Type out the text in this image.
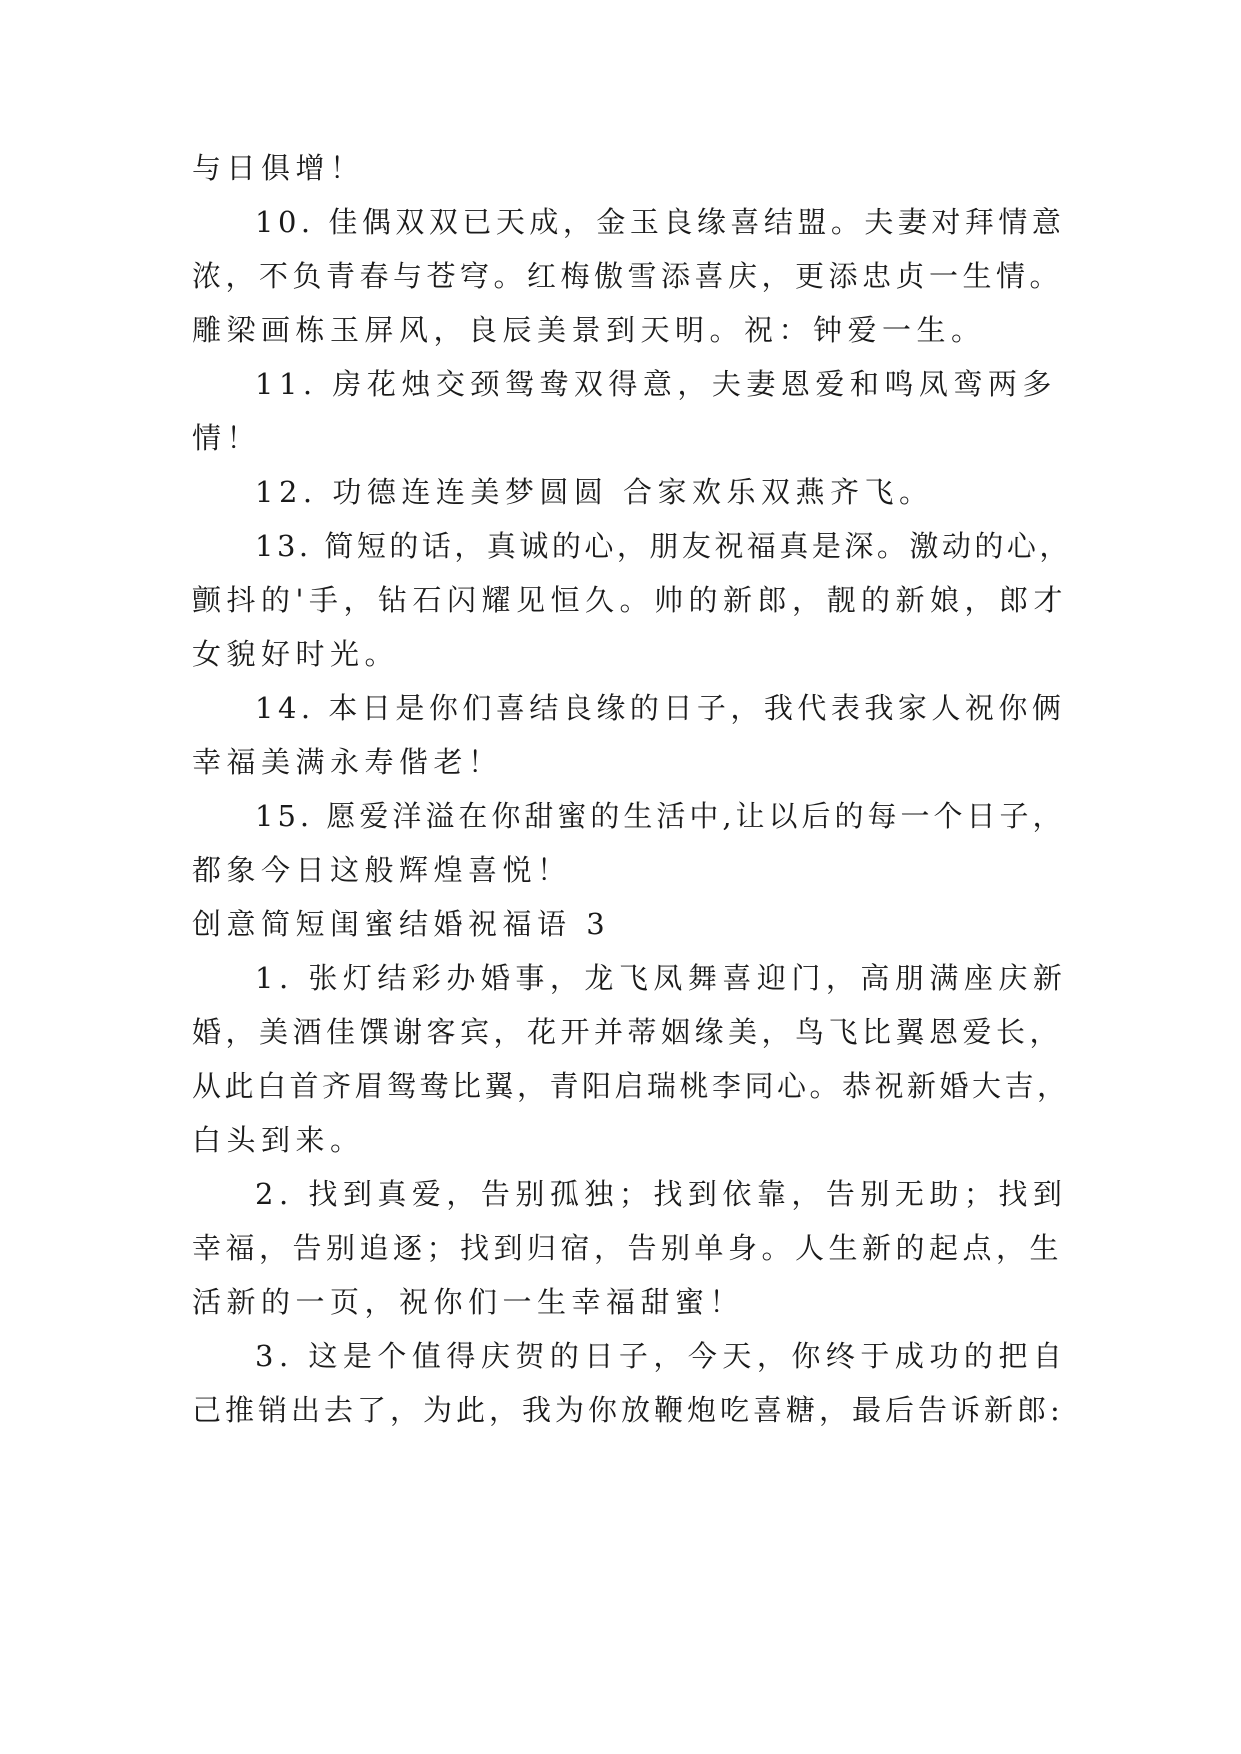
与日俱增！
10. 佳偶双双已天成，金玉良缘喜结盟。夫妻对拜情意
浓，不负青春与苍穹。红梅傲雪添喜庆，更添忠贞一生情。
雕梁画栋玉屏风，良辰美景到天明。祝：钟爱一生。
11. 房花烛交颈鸳鸯双得意，夫妻恩爱和鸣凤鸾两多
情！
12. 功德连连美梦圆圆 合家欢乐双燕齐飞。
13. 简短的话，真诚的心，朋友祝福真是深。激动的心，
颤抖的'手，钻石闪耀见恒久。帅的新郎，靓的新娘，郎才
女貌好时光。
14. 本日是你们喜结良缘的日子，我代表我家人祝你俩
幸福美满永寿偕老！
15. 愿爱洋溢在你甜蜜的生活中,让以后的每一个日子，
都象今日这般辉煌喜悦！
创意简短闺蜜结婚祝福语 3
1. 张灯结彩办婚事，龙飞凤舞喜迎门，高朋满座庆新
婚，美酒佳馔谢客宾，花开并蒂姻缘美，鸟飞比翼恩爱长，
从此白首齐眉鸳鸯比翼，青阳启瑞桃李同心。恭祝新婚大吉，
白头到来。
2. 找到真爱，告别孤独；找到依靠，告别无助；找到
幸福，告别追逐；找到归宿，告别单身。人生新的起点，生
活新的一页，祝你们一生幸福甜蜜！
3. 这是个值得庆贺的日子，今天，你终于成功的把自
己推销出去了，为此，我为你放鞭炮吃喜糖，最后告诉新郎:
